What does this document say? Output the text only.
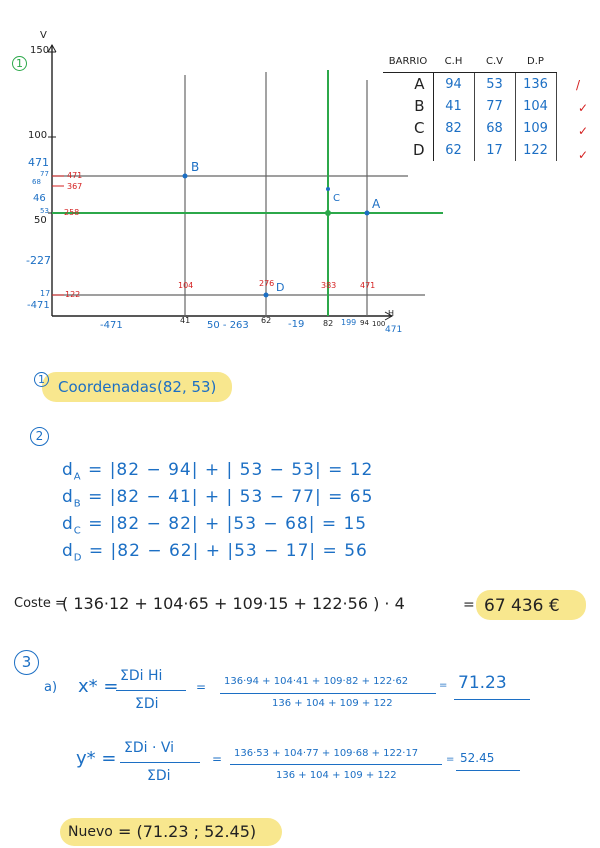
1
V
H
150
100
471
77
68
46
53
50
-227
17
-471
471
367
258
122
104	276	383	471
A
B
C
D
-471	41 50 - 263 62 -19 82 199 94 100
471
BARRIO	C.H	C.V	D.P
A	94	53	136
B	41	77	104
C	82	68	109
D	62	17	122
/
✓
✓
✓
1 Coordenadas (82, 53)
2
$d_A = |82 - 94|$ + | 53 − 53| = 12
$d_B = |82 - 41|$ + | 53 − 77| = 65
$d_C = |82 - 82| + |53 - 68| = 15$
$d_D = |82 - 62| + |53 - 17| = 56$
Coste =
( 136·12 + 104·65 + 109·15 + 122·56 ) · 4	= 67 436 €
3
a) x* = ΣDi Hi
ΣDi
= 136·94 + 104·41 + 109·82 + 122·62
136 + 104 + 109 + 122
= 71.23
y* = ΣDi · Vi
ΣDi
= 136·53 + 104·77 + 109·68 + 122·17
136 + 104 + 109 + 122
= 52.45
Nuevo = (71.23 ; 52.45)
